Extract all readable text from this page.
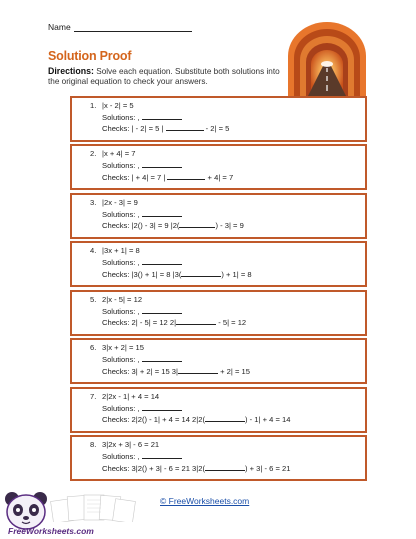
Name
Solution Proof
Directions: Solve each equation. Substitute both solutions into the original equation to check your answers.
1. |x - 2| = 5
Solutions: ,
Checks: | - 2| = 5 |	- 2| = 5
2. |x + 4| = 7
Solutions: ,
Checks: | + 4| = 7 |	+ 4| = 7
3. |2x - 3| = 9
Solutions: ,
Checks: |2() - 3| = 9 |2(	) - 3| = 9
4. |3x + 1| = 8
Solutions: ,
Checks: |3() + 1| = 8 |3(	) + 1| = 8
5. 2|x - 5| = 12
Solutions: ,
Checks: 2| - 5| = 12 2|	- 5| = 12
6. 3|x + 2| = 15
Solutions: ,
Checks: 3| + 2| = 15 3|	+ 2| = 15
7. 2|2x - 1| + 4 = 14
Solutions: ,
Checks: 2|2() - 1| + 4 = 14 2|2(	) - 1| + 4 = 14
8. 3|2x + 3| - 6 = 21
Solutions: ,
Checks: 3|2() + 3| - 6 = 21 3|2(	) + 3| - 6 = 21
© FreeWorksheets.com
FreeWorksheets.com
